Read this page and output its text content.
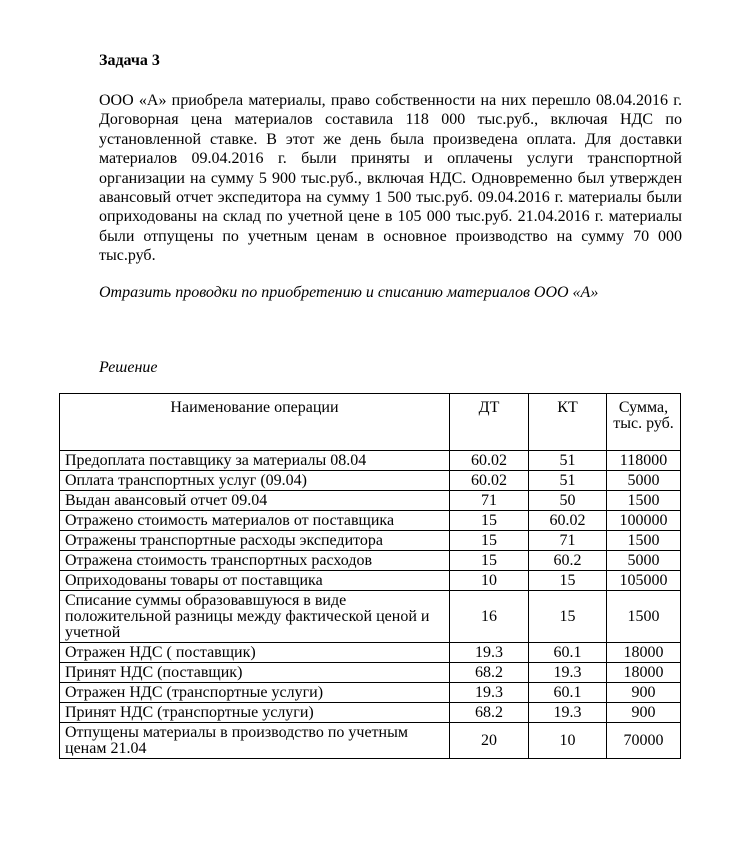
Задача 3

ООО «А» приобрела материалы, право собственности на них перешло 08.04.2016 г. Договорная цена материалов составила 118 000 тыс.руб., включая НДС по установленной ставке. В этот же день была произведена оплата. Для доставки материалов 09.04.2016 г. были приняты и оплачены услуги транспортной организации на сумму 5 900 тыс.руб., включая НДС. Одновременно был утвержден авансовый отчет экспедитора на сумму 1 500 тыс.руб. 09.04.2016 г. материалы были оприходованы на склад по учетной цене в 105 000 тыс.руб. 21.04.2016 г. материалы были отпущены по учетным ценам в основное производство на сумму 70 000 тыс.руб.

Отразить проводки по приобретению и списанию материалов ООО «А»
Решение
Наименование операции	ДТ	КТ	Сумма, тыс. руб.
Предоплата поставщику за материалы 08.04	60.02	51	118000
Оплата транспортных услуг (09.04)	60.02	51	5000
Выдан авансовый отчет 09.04	71	50	1500
Отражено стоимость материалов от поставщика	15	60.02	100000
Отражены транспортные расходы экспедитора	15	71	1500
Отражена стоимость транспортных расходов	15	60.2	5000
Оприходованы товары от поставщика	10	15	105000
Списание суммы образовавшуюся в виде положительной разницы между фактической ценой и учетной	16	15	1500
Отражен НДС ( поставщик)	19.3	60.1	18000
Принят НДС (поставщик)	68.2	19.3	18000
Отражен НДС (транспортные услуги)	19.3	60.1	900
Принят НДС (транспортные услуги)	68.2	19.3	900
Отпущены материалы в производство по учетным ценам 21.04	20	10	70000
